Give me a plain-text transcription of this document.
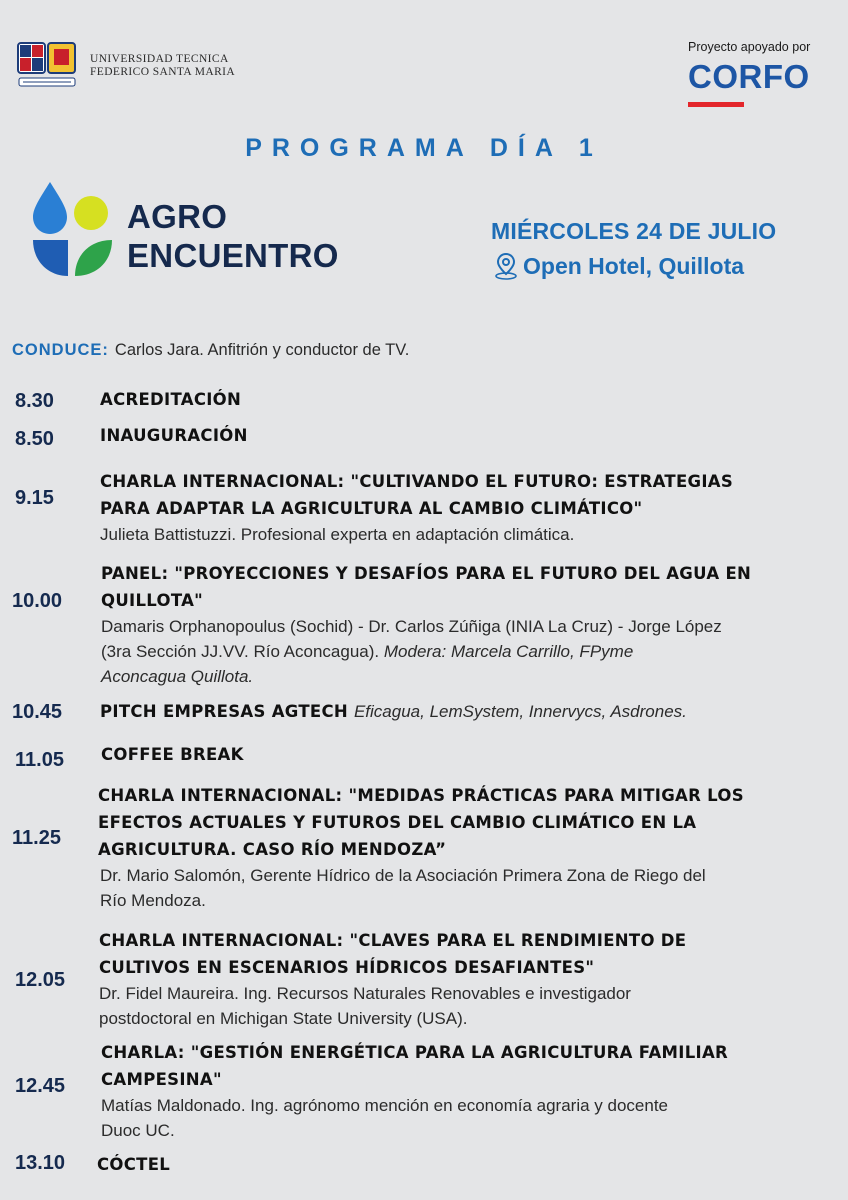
UNIVERSIDAD TECNICA
FEDERICO SANTA MARIA
Proyecto apoyado por
CORFO
PROGRAMA DÍA 1
AGRO
ENCUENTRO
MIÉRCOLES 24 DE JULIO
Open Hotel, Quillota
CONDUCE: Carlos Jara. Anfitrión y conductor de TV.
8.30	ACREDITACIÓN
8.50	INAUGURACIÓN
9.15
CHARLA INTERNACIONAL: "CULTIVANDO EL FUTURO: ESTRATEGIAS
PARA ADAPTAR LA AGRICULTURA AL CAMBIO CLIMÁTICO"
Julieta Battistuzzi. Profesional experta en adaptación climática.
10.00
PANEL: "PROYECCIONES Y DESAFÍOS PARA EL FUTURO DEL AGUA EN
QUILLOTA"
Damaris Orphanopoulus (Sochid) - Dr. Carlos Zúñiga (INIA La Cruz) - Jorge López
(3ra Sección JJ.VV. Río Aconcagua). Modera: Marcela Carrillo, FPyme
Aconcagua Quillota.
10.45 PITCH EMPRESAS AGTECH Eficagua, LemSystem, Innervycs, Asdrones.
11.05 COFFEE BREAK
11.25
CHARLA INTERNACIONAL: "MEDIDAS PRÁCTICAS PARA MITIGAR LOS
EFECTOS ACTUALES Y FUTUROS DEL CAMBIO CLIMÁTICO EN LA
AGRICULTURA. CASO RÍO MENDOZA”
Dr. Mario Salomón, Gerente Hídrico de la Asociación Primera Zona de Riego del
Río Mendoza.
12.05
CHARLA INTERNACIONAL: "CLAVES PARA EL RENDIMIENTO DE
CULTIVOS EN ESCENARIOS HÍDRICOS DESAFIANTES"
Dr. Fidel Maureira. Ing. Recursos Naturales Renovables e investigador
postdoctoral en Michigan State University (USA).
12.45
CHARLA: "GESTIÓN ENERGÉTICA PARA LA AGRICULTURA FAMILIAR
CAMPESINA"
Matías Maldonado. Ing. agrónomo mención en economía agraria y docente
Duoc UC.
13.10 CÓCTEL
